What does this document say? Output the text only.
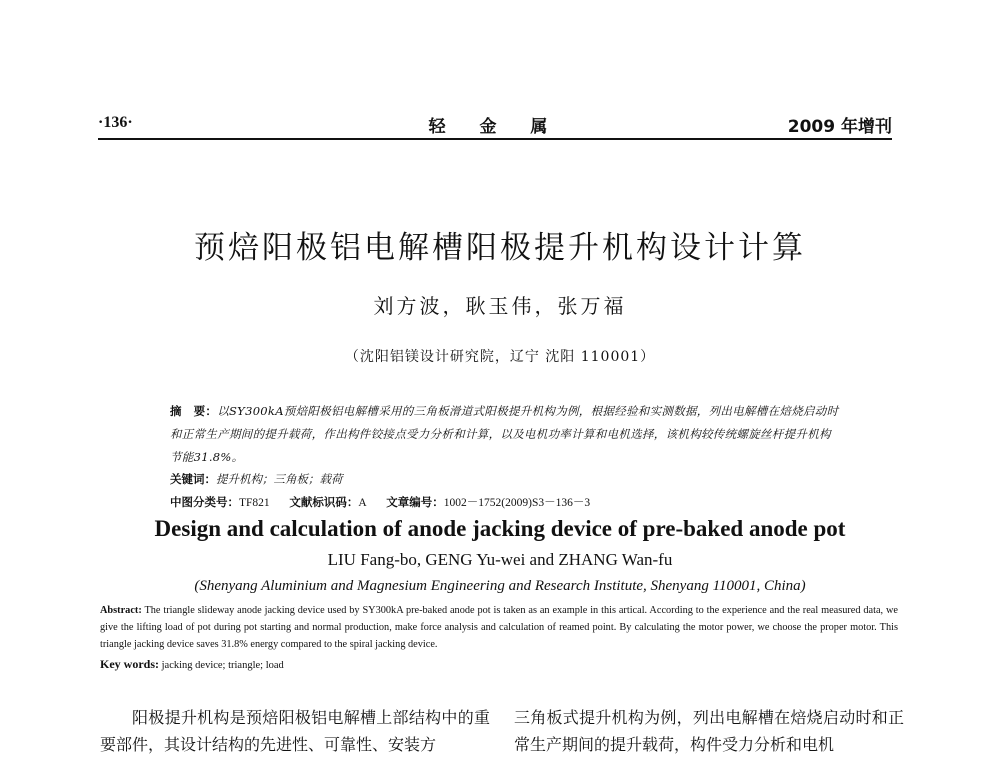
·136·	轻 金 属	2009 年增刊
预焙阳极铝电解槽阳极提升机构设计计算
刘方波，耿玉伟，张万福
（沈阳铝镁设计研究院，辽宁 沈阳 110001）
摘　要：以SY300kA预焙阳极铝电解槽采用的三角板滑道式阳极提升机构为例，根据经验和实测数据，列出电解槽在焙烧启动时和正常生产期间的提升载荷，作出构件铰接点受力分析和计算，以及电机功率计算和电机选择，该机构较传统螺旋丝杆提升机构节能31.8%。
关键词：提升机构；三角板；载荷
中图分类号：TF821 文献标识码：A 文章编号：1002－1752(2009)S3－136－3
Design and calculation of anode jacking device of pre-baked anode pot
LIU Fang-bo, GENG Yu-wei and ZHANG Wan-fu
(Shenyang Aluminium and Magnesium Engineering and Research Institute, Shenyang 110001, China)
Abstract: The triangle slideway anode jacking device used by SY300kA pre-baked anode pot is taken as an example in this artical. According to the experience and the real measured data, we give the lifting load of pot during pot starting and normal production, make force analysis and calculation of reamed point. By calculating the motor power, we choose the proper motor. This triangle jacking device saves 31.8% energy compared to the spiral jacking device.
Key words: jacking device; triangle; load
阳极提升机构是预焙阳极铝电解槽上部结构中的重要部件，其设计结构的先进性、可靠性、安装方
三角板式提升机构为例，列出电解槽在焙烧启动时和正常生产期间的提升载荷，构件受力分析和电机
